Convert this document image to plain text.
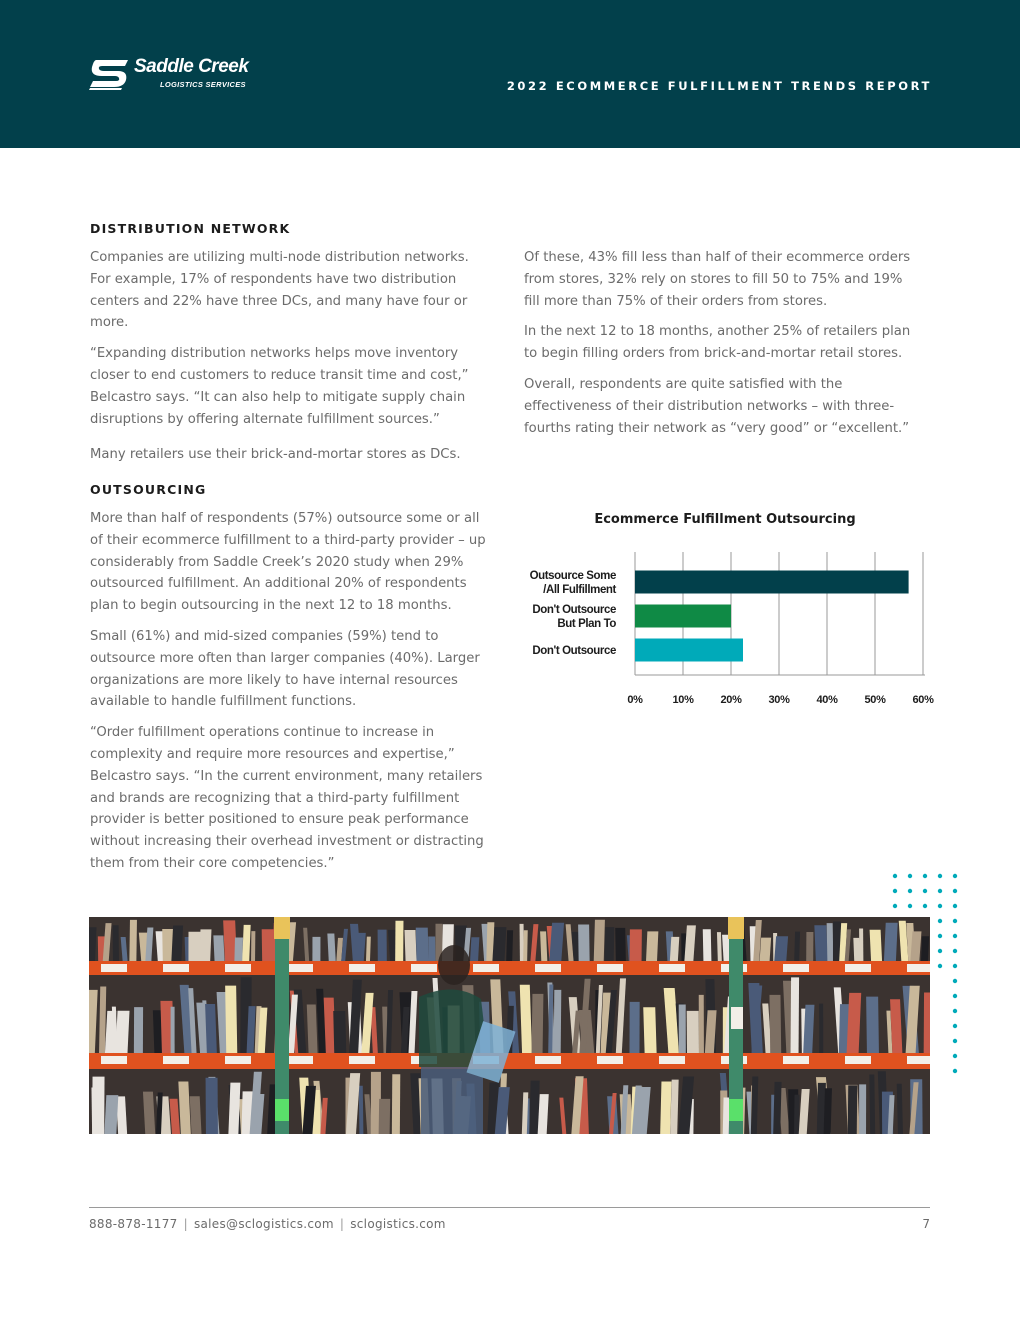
Saddle Creek
LOGISTICS SERVICES	2022 ECOMMERCE FULFILLMENT TRENDS REPORT
DISTRIBUTION NETWORK

Companies are utilizing multi-node distribution networks. For example, 17% of respondents have two distribution centers and 22% have three DCs, and many have four or more.

“Expanding distribution networks helps move inventory closer to end customers to reduce transit time and cost,” Belcastro says. “It can also help to mitigate supply chain disruptions by offering alternate fulfillment sources.”

Many retailers use their brick-and-mortar stores as DCs.

Of these, 43% fill less than half of their ecommerce orders from stores, 32% rely on stores to fill 50 to 75% and 19% fill more than 75% of their orders from stores.

In the next 12 to 18 months, another 25% of retailers plan to begin filling orders from brick-and-mortar retail stores.

Overall, respondents are quite satisfied with the effectiveness of their distribution networks – with three-fourths rating their network as “very good” or “excellent.”

OUTSOURCING

More than half of respondents (57%) outsource some or all of their ecommerce fulfillment to a third-party provider – up considerably from Saddle Creek’s 2020 study when 29% outsourced fulfillment. An additional 20% of respondents plan to begin outsourcing in the next 12 to 18 months.

Small (61%) and mid-sized companies (59%) tend to outsource more often than larger companies (40%). Larger organizations are more likely to have internal resources available to handle fulfillment functions.

“Order fulfillment operations continue to increase in complexity and require more resources and expertise,” Belcastro says. “In the current environment, many retailers and brands are recognizing that a third-party fulfillment provider is better positioned to ensure peak performance without increasing their overhead investment or distracting them from their core competencies.”

Ecommerce Fulfillment Outsourcing
0%	10% 20% 30% 40% 50% 60%
Outsource Some
/All Fulfillment
Don't Outsource
But Plan To
Don't Outsource
888-878-1177 | sales@sclogistics.com | sclogistics.com	7
